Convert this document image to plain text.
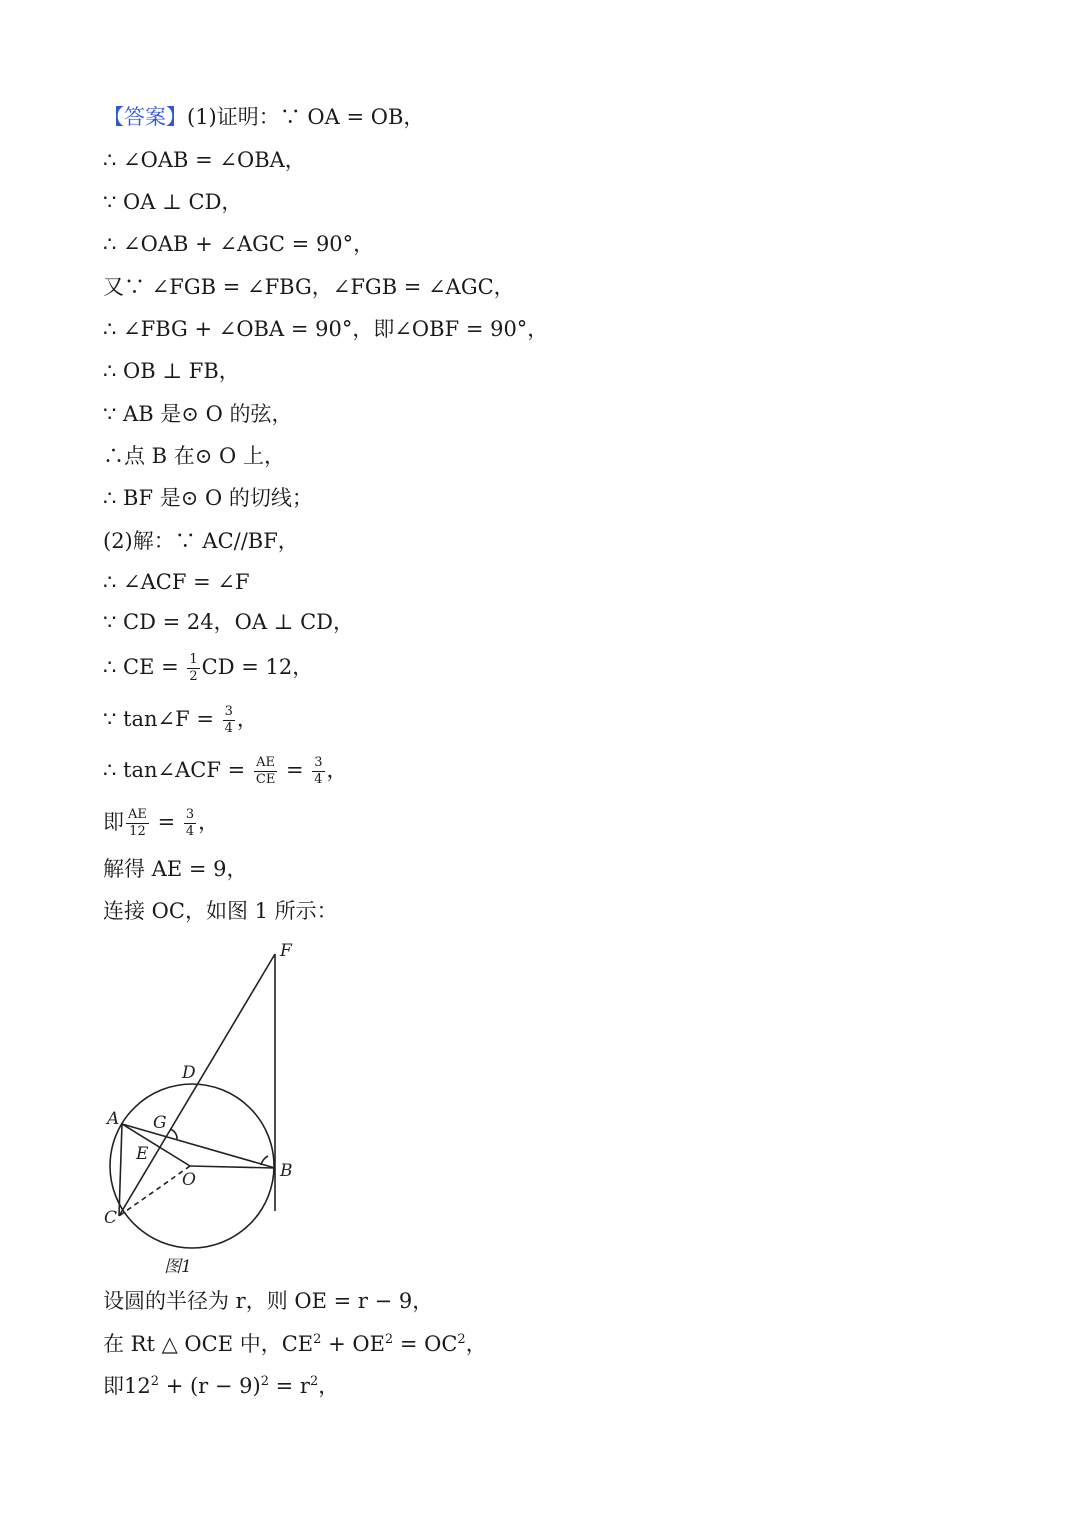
【答案】(1)证明：∵ OA = OB，
∴ ∠OAB = ∠OBA，
∵ OA ⊥ CD，
∴ ∠OAB + ∠AGC = 90°，
又∵ ∠FGB = ∠FBG，∠FGB = ∠AGC，
∴ ∠FBG + ∠OBA = 90°，即∠OBF = 90°，
∴ OB ⊥ FB，
∵ AB 是⊙ O 的弦，
∴点 B 在⊙ O 上，
∴ BF 是⊙ O 的切线；
(2)解：∵ AC//BF，
∴ ∠ACF = ∠F
∵ CD = 24，OA ⊥ CD，
∴ CE = $\frac{1}{2}$ CD = 12，
∵ tan∠F = $\frac{3}{4}$ ，
∴ tan∠ACF = $\frac{AE}{CE} = \frac{3}{4}$ ，
即 $\frac{AE}{12} = \frac{3}{4}$ ，
解得 AE = 9，
连接 OC，如图 1 所示：
F
D
A G
E
O	B
C
图1
设圆的半径为 r，则 OE = r − 9，
在 Rt △ OCE 中，$CE^2 + OE^2 = OC^2$，
即$12^2 + (r - 9)^2 = r^2$，
